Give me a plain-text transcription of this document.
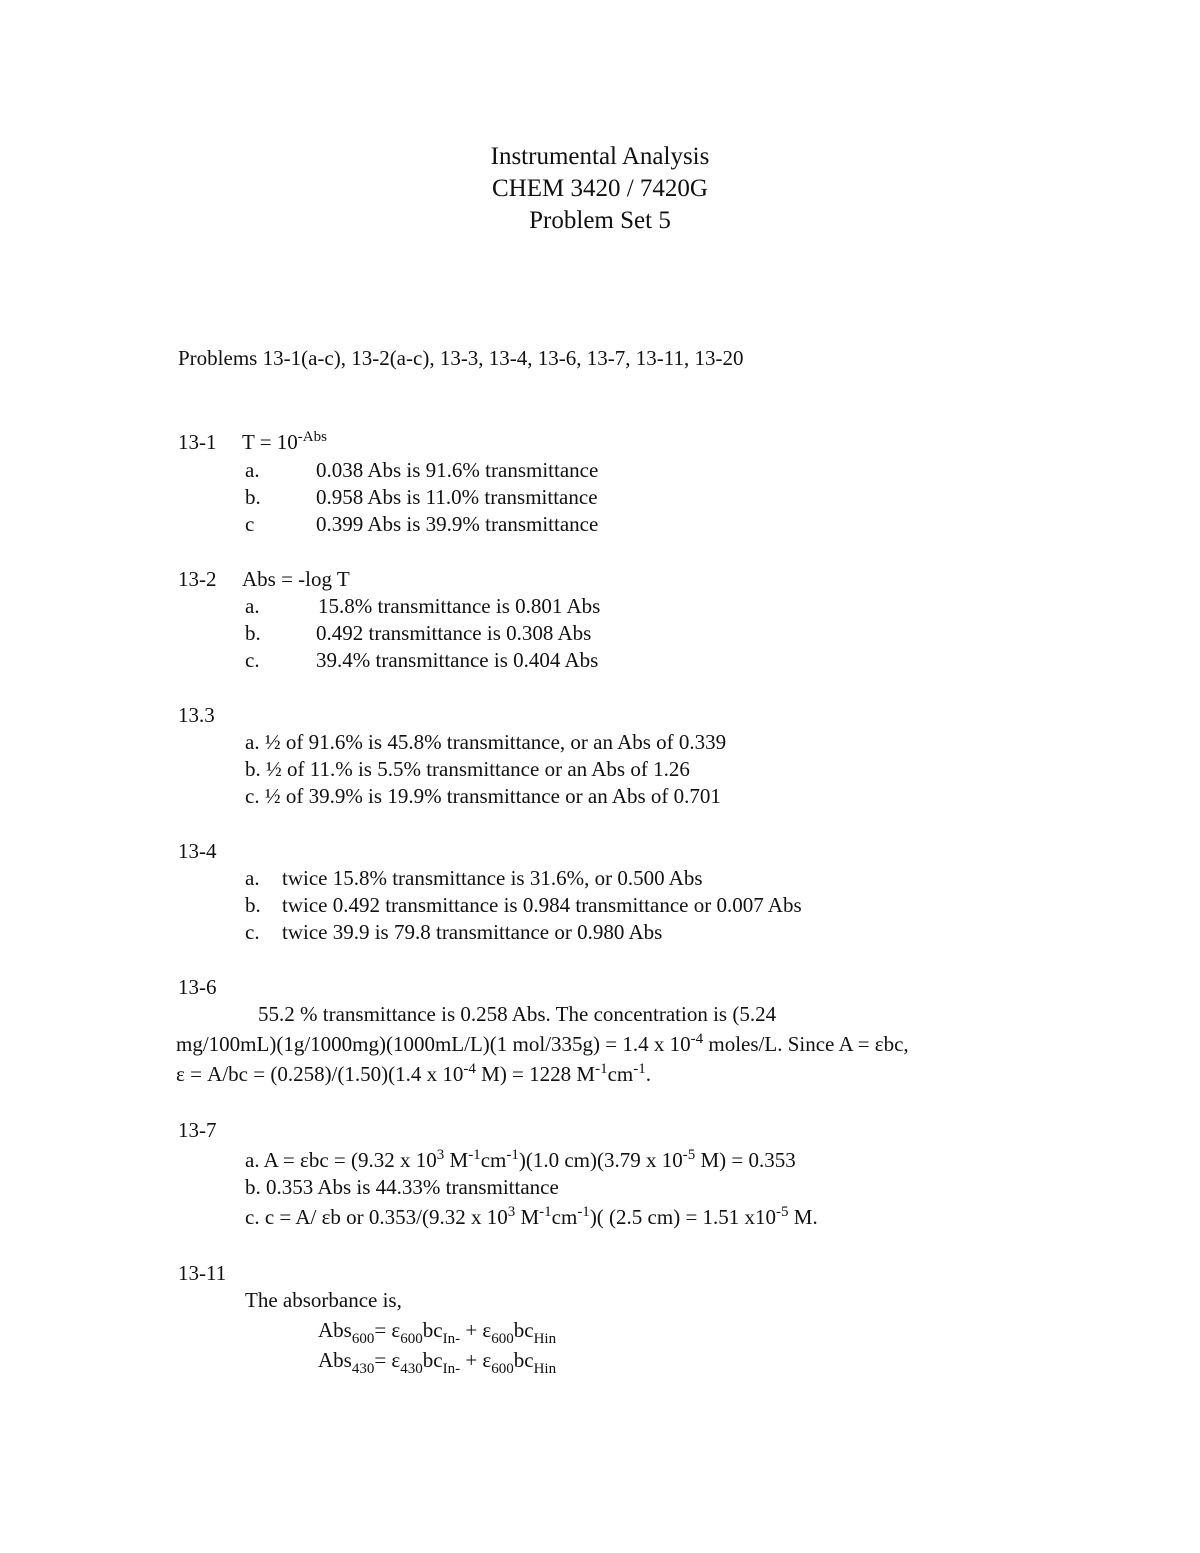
Instrumental Analysis
CHEM 3420 / 7420G
Problem Set 5
Problems 13-1(a-c), 13-2(a-c), 13-3, 13-4, 13-6, 13-7, 13-11, 13-20
13-1 $T = 10^{-Abs}$
a.	0.038 Abs is 91.6% transmittance
b.	0.958 Abs is 11.0% transmittance
c	0.399 Abs is 39.9% transmittance
13-2 Abs = -log T
a.	15.8% transmittance is 0.801 Abs
b.	0.492 transmittance is 0.308 Abs
c.	39.4% transmittance is 0.404 Abs
13.3
a. ½ of 91.6% is 45.8% transmittance, or an Abs of 0.339
b. ½ of 11.% is 5.5% transmittance or an Abs of 1.26
c. ½ of 39.9% is 19.9% transmittance or an Abs of 0.701
13-4
a. twice 15.8% transmittance is 31.6%, or 0.500 Abs
b. twice 0.492 transmittance is 0.984 transmittance or 0.007 Abs
c. twice 39.9 is 79.8 transmittance or 0.980 Abs
13-6
55.2 % transmittance is 0.258 Abs. The concentration is (5.24
mg/100mL)(1g/1000mg)(1000mL/L)(1 mol/335g) = 1.4 x $10^{-4}$ moles/L. Since A = εbc,
ε = A/bc = (0.258)/(1.50)(1.4 x $10^{-4}$ M) = 1228 $M^{-1}cm^{-1}$.
13-7
a. A = εbc = (9.32 x $10^3$ $M^{-1}cm^{-1})(1.0$ cm)(3.79 x $10^{-5}$ M) = 0.353
b. 0.353 Abs is 44.33% transmittance
c. c = A/ εb or 0.353/(9.32 x $10^3$ $M^{-1}cm^{-1}$)( (2.5 cm) = 1.51 $x10^{-5}$ M.
13-11
The absorbance is,
$Abs_{600}= \varepsilon_{600}bc_{In-} + \varepsilon_{600}bc_{Hin}$
$Abs_{430}= \varepsilon_{430}bc_{In-} + \varepsilon_{600}bc_{Hin}$
